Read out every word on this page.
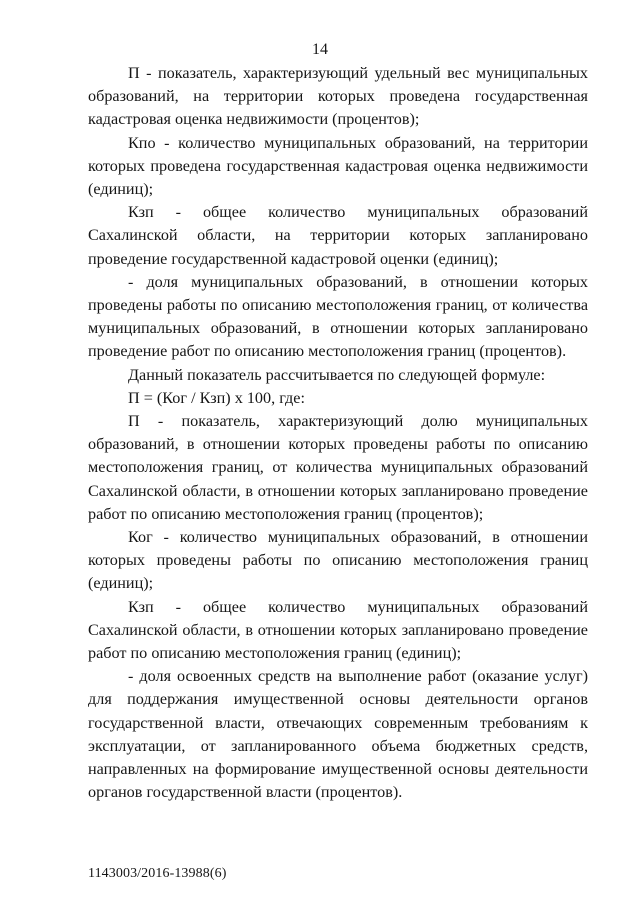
14

П - показатель, характеризующий удельный вес муниципальных образований, на территории которых проведена государственная кадастровая оценка недвижимости (процентов);

Кпо - количество муниципальных образований, на территории которых проведена государственная кадастровая оценка недвижимости (единиц);

Кзп - общее количество муниципальных образований Сахалинской области, на территории которых запланировано проведение государственной кадастровой оценки (единиц);

- доля муниципальных образований, в отношении которых проведены работы по описанию местоположения границ, от количества муниципальных образований, в отношении которых запланировано проведение работ по описанию местоположения границ (процентов).

Данный показатель рассчитывается по следующей формуле:

П = (Ког / Кзп) х 100, где:

П - показатель, характеризующий долю муниципальных образований, в отношении которых проведены работы по описанию местоположения границ, от количества муниципальных образований Сахалинской области, в отношении которых запланировано проведение работ по описанию местоположения границ (процентов);

Ког - количество муниципальных образований, в отношении которых проведены работы по описанию местоположения границ (единиц);

Кзп - общее количество муниципальных образований Сахалинской области, в отношении которых запланировано проведение работ по описанию местоположения границ (единиц);

- доля освоенных средств на выполнение работ (оказание услуг) для поддержания имущественной основы деятельности органов государственной власти, отвечающих современным требованиям к эксплуатации, от запланированного объема бюджетных средств, направленных на формирование имущественной основы деятельности органов государственной власти (процентов).

1143003/2016-13988(6)
